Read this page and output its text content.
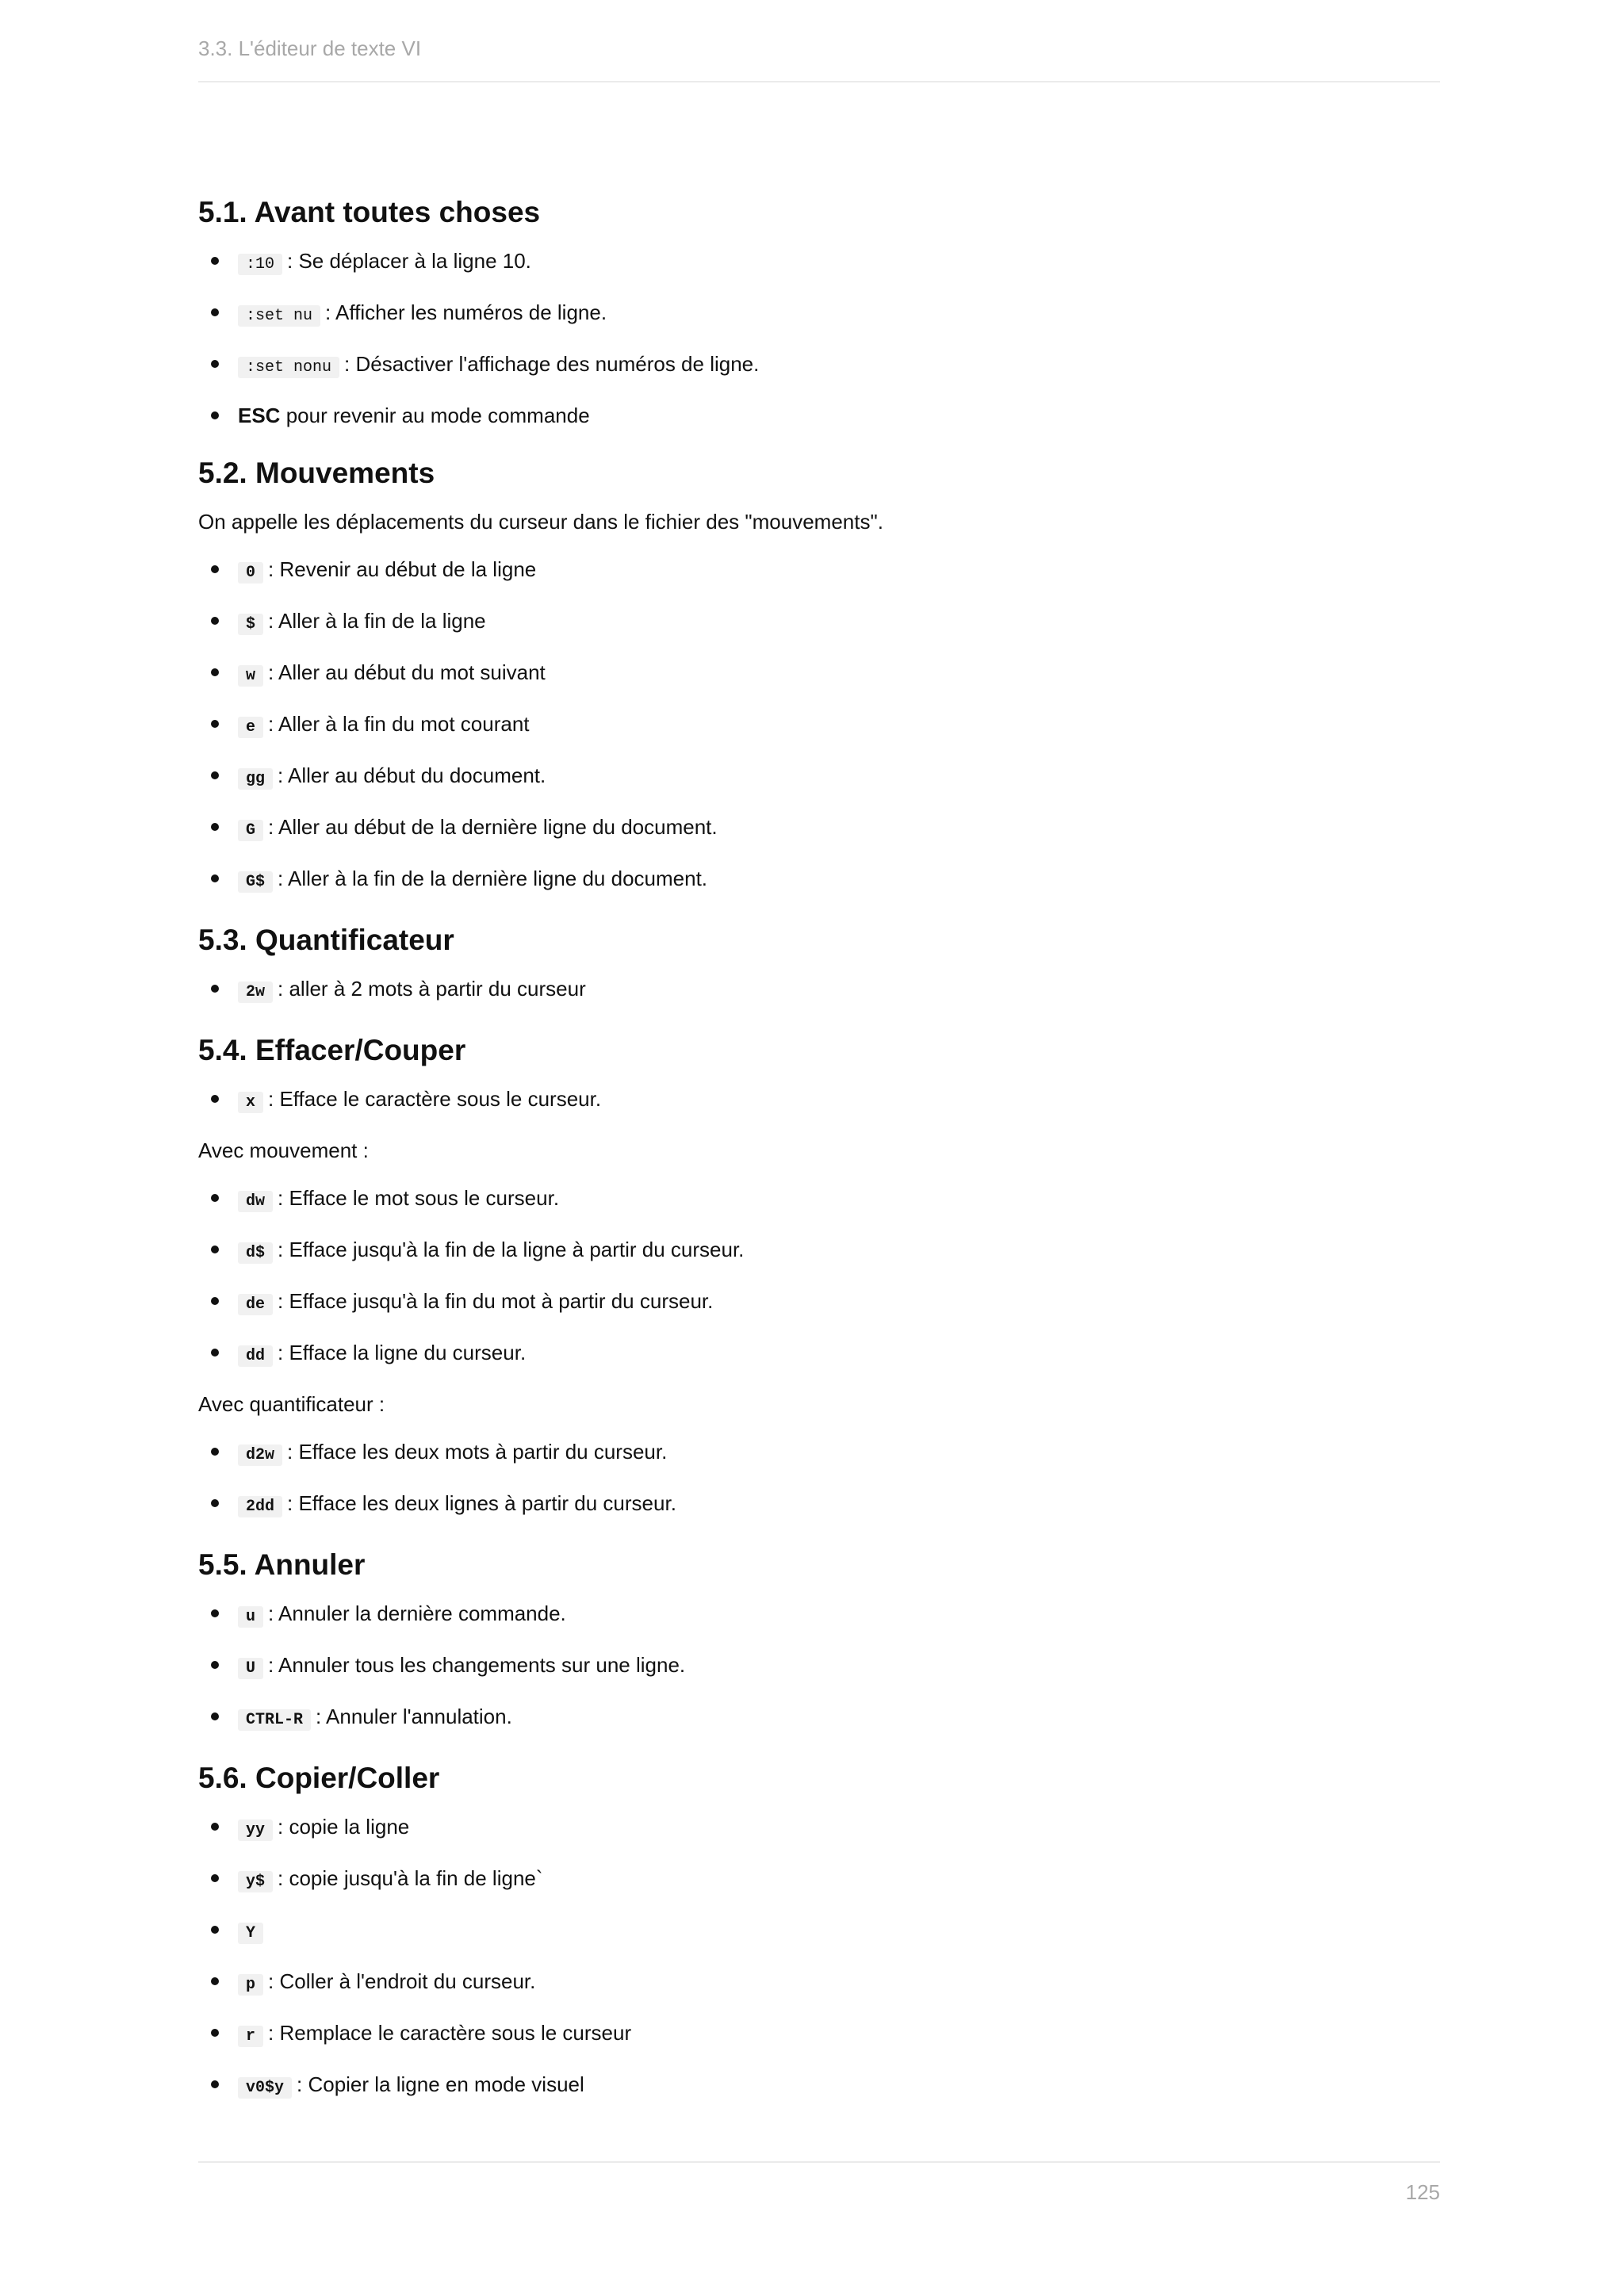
3.3. L'éditeur de texte VI
5.1. Avant toutes choses
:10 : Se déplacer à la ligne 10.
:set nu : Afficher les numéros de ligne.
:set nonu : Désactiver l'affichage des numéros de ligne.
ESC pour revenir au mode commande
5.2. Mouvements

On appelle les déplacements du curseur dans le fichier des "mouvements".

0 : Revenir au début de la ligne
$ : Aller à la fin de la ligne
w : Aller au début du mot suivant
e : Aller à la fin du mot courant
gg : Aller au début du document.
G : Aller au début de la dernière ligne du document.
G$ : Aller à la fin de la dernière ligne du document.
5.3. Quantificateur
2w : aller à 2 mots à partir du curseur
5.4. Effacer/Couper
x : Efface le caractère sous le curseur.

Avec mouvement :

dw : Efface le mot sous le curseur.
d$ : Efface jusqu'à la fin de la ligne à partir du curseur.
de : Efface jusqu'à la fin du mot à partir du curseur.
dd : Efface la ligne du curseur.

Avec quantificateur :

d2w : Efface les deux mots à partir du curseur.
2dd : Efface les deux lignes à partir du curseur.
5.5. Annuler
u : Annuler la dernière commande.
U : Annuler tous les changements sur une ligne.
CTRL-R : Annuler l'annulation.
5.6. Copier/Coller
yy : copie la ligne
y$ : copie jusqu'à la fin de ligne`
Y
p : Coller à l'endroit du curseur.
r : Remplace le caractère sous le curseur
v0$y : Copier la ligne en mode visuel
125
